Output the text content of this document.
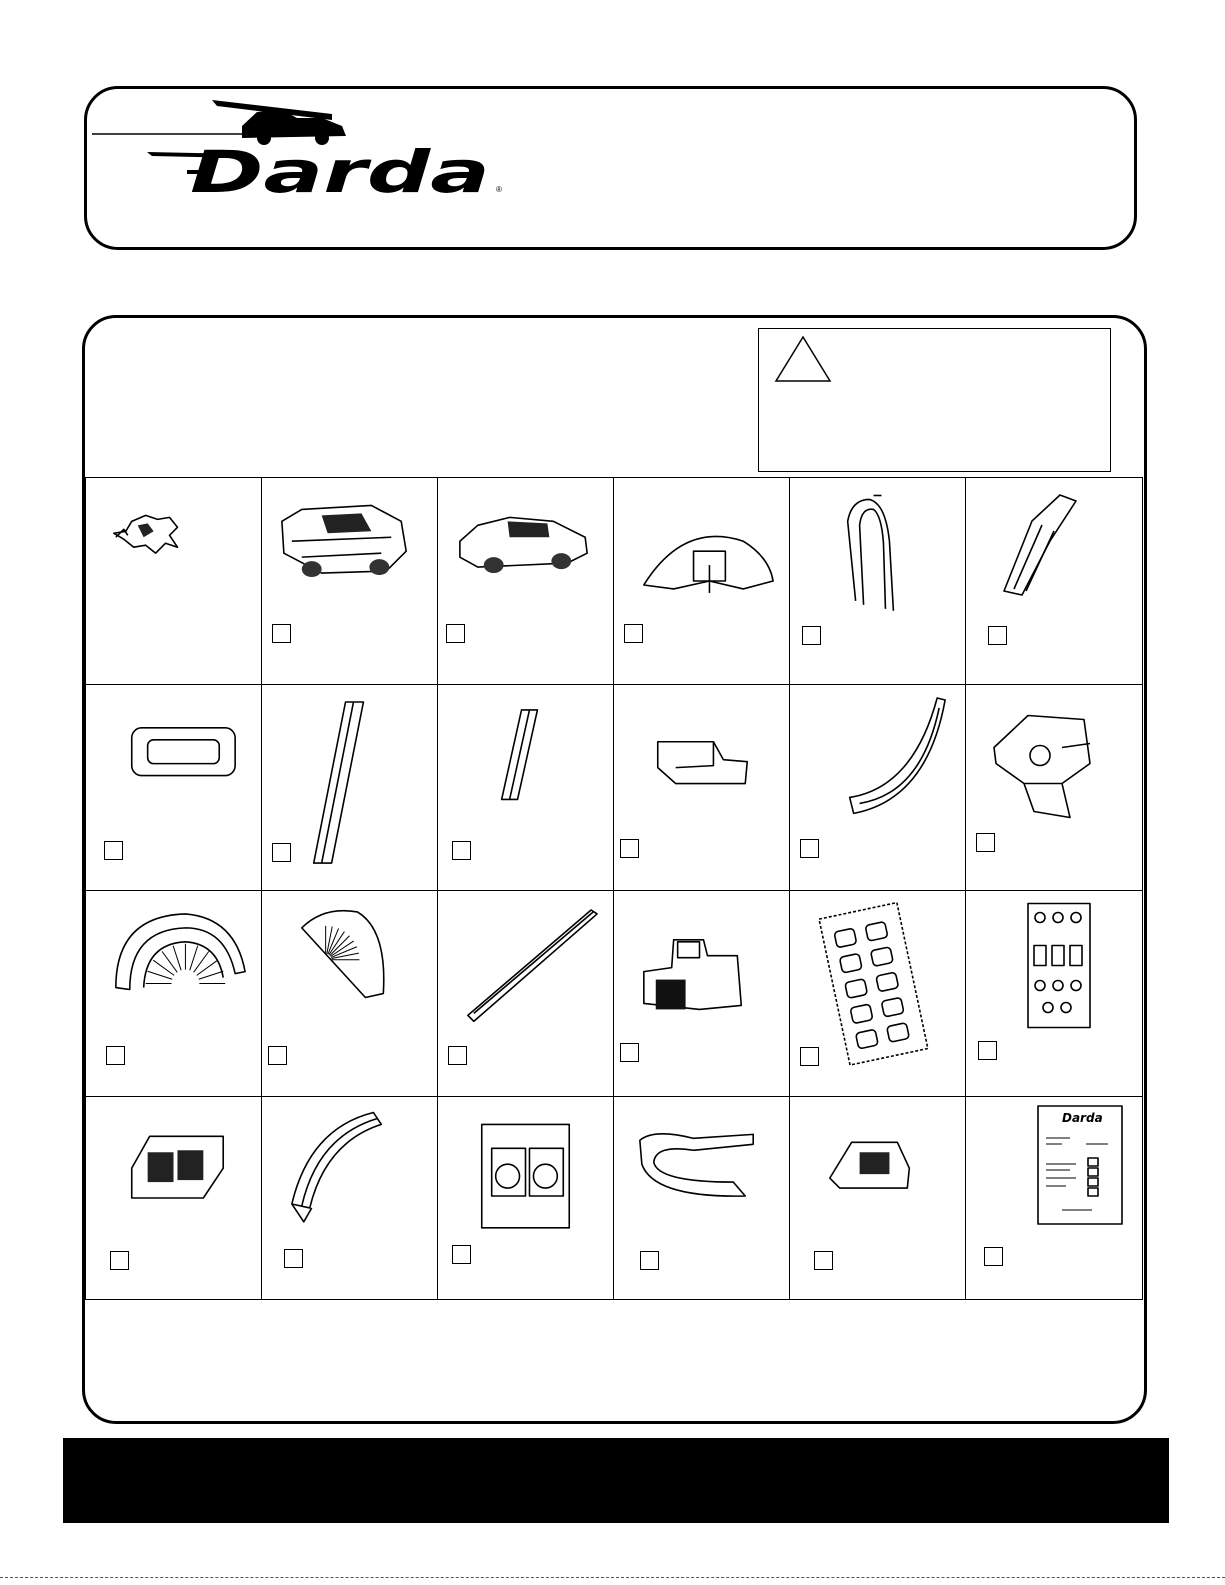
Darda ®
Darda
